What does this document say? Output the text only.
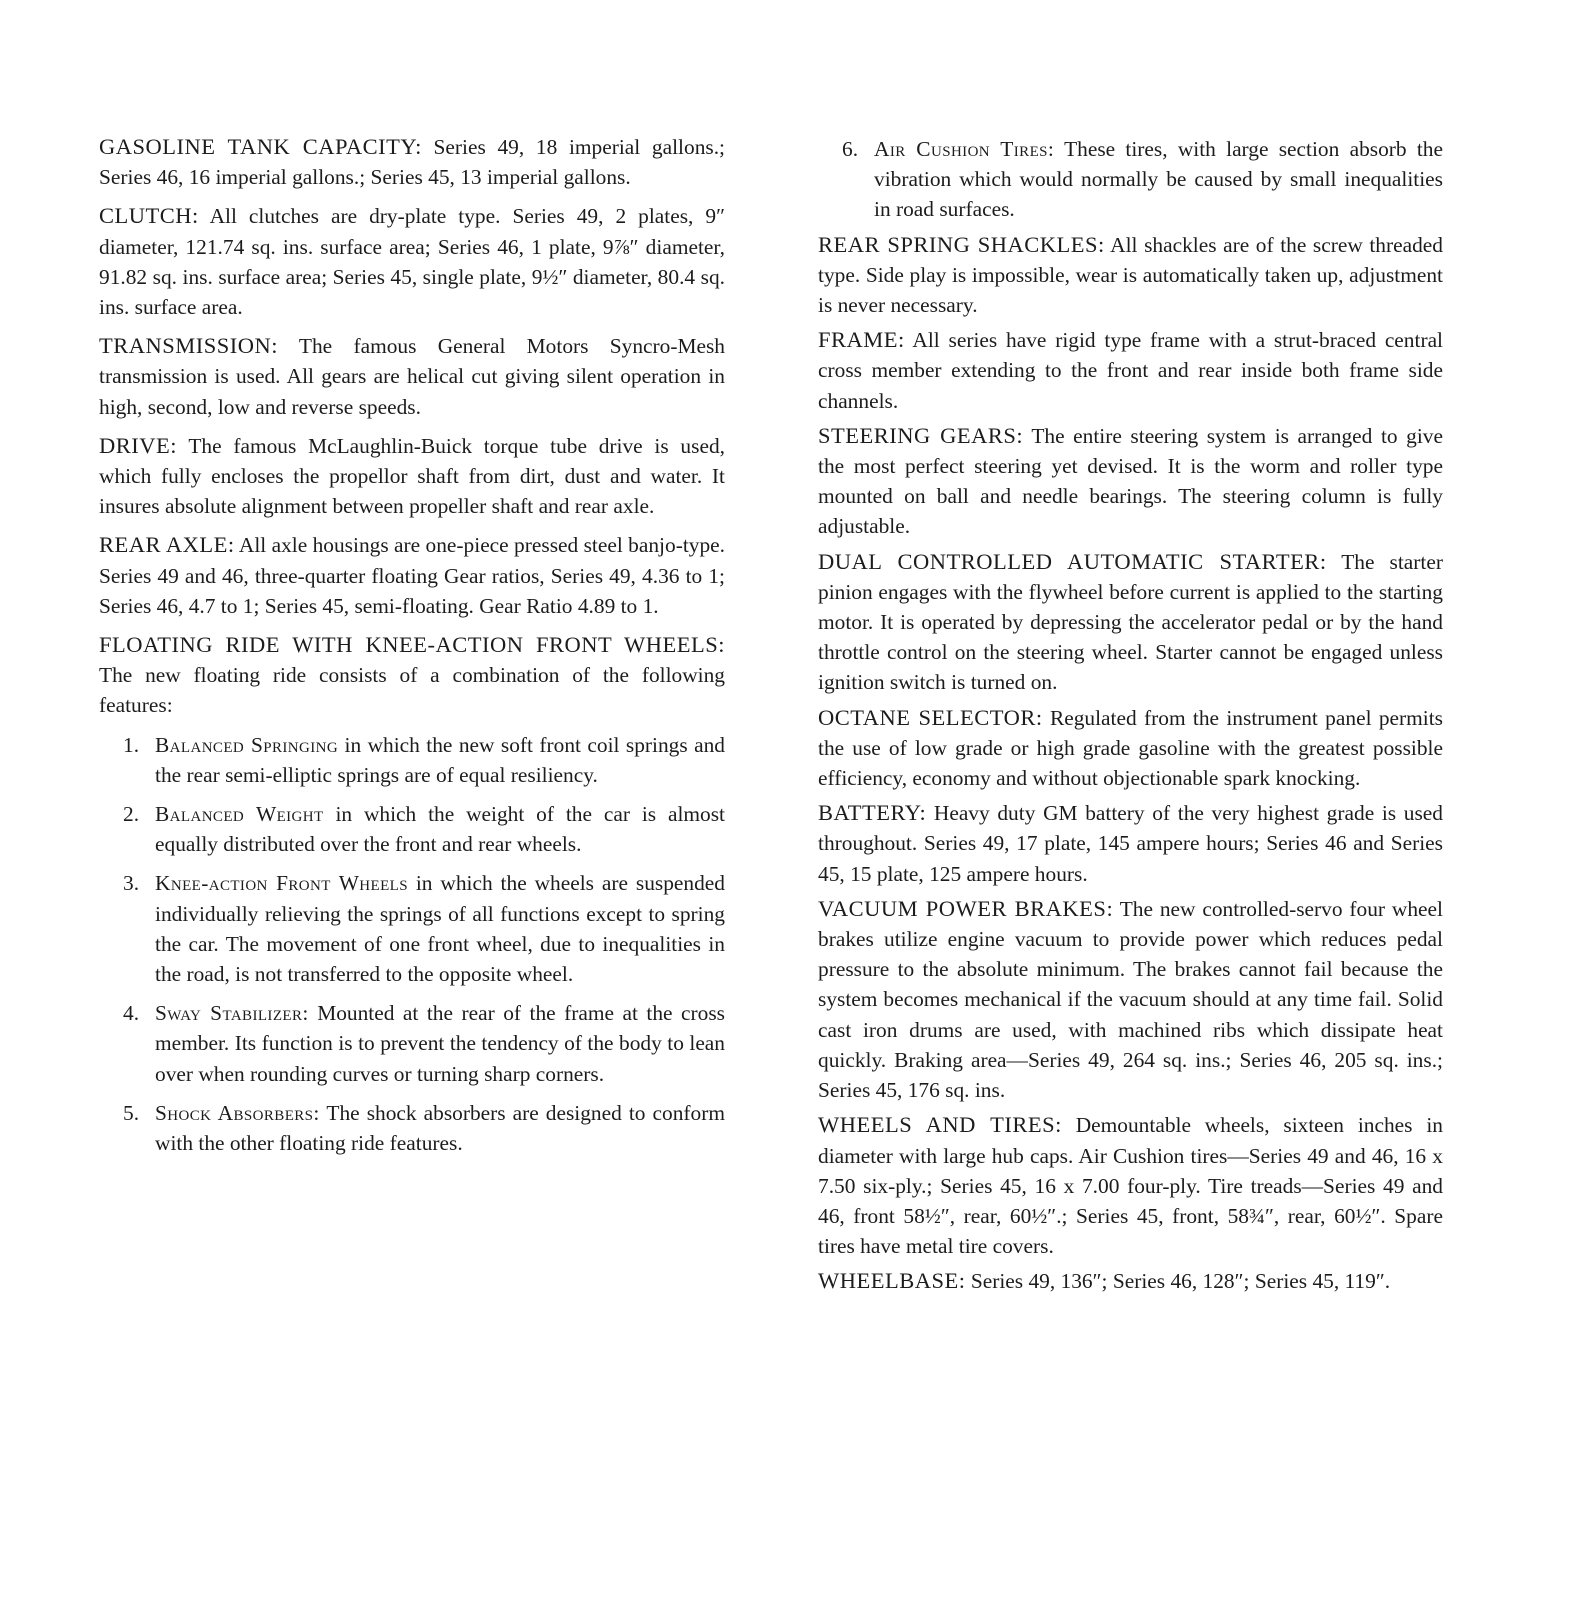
GASOLINE TANK CAPACITY: Series 49, 18 imperial gallons.; Series 46, 16 imperial gallons.; Series 45, 13 imperial gallons.

CLUTCH: All clutches are dry-plate type. Series 49, 2 plates, 9″ diameter, 121.74 sq. ins. surface area; Series 46, 1 plate, 9⅞″ diameter, 91.82 sq. ins. surface area; Series 45, single plate, 9½″ diameter, 80.4 sq. ins. surface area.

TRANSMISSION: The famous General Motors Syncro-Mesh transmission is used. All gears are helical cut giving silent operation in high, second, low and reverse speeds.

DRIVE: The famous McLaughlin-Buick torque tube drive is used, which fully encloses the propellor shaft from dirt, dust and water. It insures absolute alignment between propeller shaft and rear axle.

REAR AXLE: All axle housings are one-piece pressed steel banjo-type. Series 49 and 46, three-quarter floating Gear ratios, Series 49, 4.36 to 1; Series 46, 4.7 to 1; Series 45, semi-floating. Gear Ratio 4.89 to 1.

FLOATING RIDE WITH KNEE-ACTION FRONT WHEELS: The new floating ride consists of a combination of the following features:

1. Balanced Springing in which the new soft front coil springs and the rear semi-elliptic springs are of equal resiliency.
2. Balanced Weight in which the weight of the car is almost equally distributed over the front and rear wheels.
3. Knee-action Front Wheels in which the wheels are suspended individually relieving the springs of all functions except to spring the car. The movement of one front wheel, due to inequalities in the road, is not transferred to the opposite wheel.
4. Sway Stabilizer: Mounted at the rear of the frame at the cross member. Its function is to prevent the tendency of the body to lean over when rounding curves or turning sharp corners.
5. Shock Absorbers: The shock absorbers are designed to conform with the other floating ride features.
6. Air Cushion Tires: These tires, with large section absorb the vibration which would normally be caused by small inequalities in road surfaces.

REAR SPRING SHACKLES: All shackles are of the screw threaded type. Side play is impossible, wear is automatically taken up, adjustment is never necessary.

FRAME: All series have rigid type frame with a strut-braced central cross member extending to the front and rear inside both frame side channels.

STEERING GEARS: The entire steering system is arranged to give the most perfect steering yet devised. It is the worm and roller type mounted on ball and needle bearings. The steering column is fully adjustable.

DUAL CONTROLLED AUTOMATIC STARTER: The starter pinion engages with the flywheel before current is applied to the starting motor. It is operated by depressing the accelerator pedal or by the hand throttle control on the steering wheel. Starter cannot be engaged unless ignition switch is turned on.

OCTANE SELECTOR: Regulated from the instrument panel permits the use of low grade or high grade gasoline with the greatest possible efficiency, economy and without objectionable spark knocking.

BATTERY: Heavy duty GM battery of the very highest grade is used throughout. Series 49, 17 plate, 145 ampere hours; Series 46 and Series 45, 15 plate, 125 ampere hours.

VACUUM POWER BRAKES: The new controlled-servo four wheel brakes utilize engine vacuum to provide power which reduces pedal pressure to the absolute minimum. The brakes cannot fail because the system becomes mechanical if the vacuum should at any time fail. Solid cast iron drums are used, with machined ribs which dissipate heat quickly. Braking area—Series 49, 264 sq. ins.; Series 46, 205 sq. ins.; Series 45, 176 sq. ins.

WHEELS AND TIRES: Demountable wheels, sixteen inches in diameter with large hub caps. Air Cushion tires—Series 49 and 46, 16 x 7.50 six-ply.; Series 45, 16 x 7.00 four-ply. Tire treads—Series 49 and 46, front 58½″, rear, 60½″.; Series 45, front, 58¾″, rear, 60½″. Spare tires have metal tire covers.

WHEELBASE: Series 49, 136″; Series 46, 128″; Series 45, 119″.
